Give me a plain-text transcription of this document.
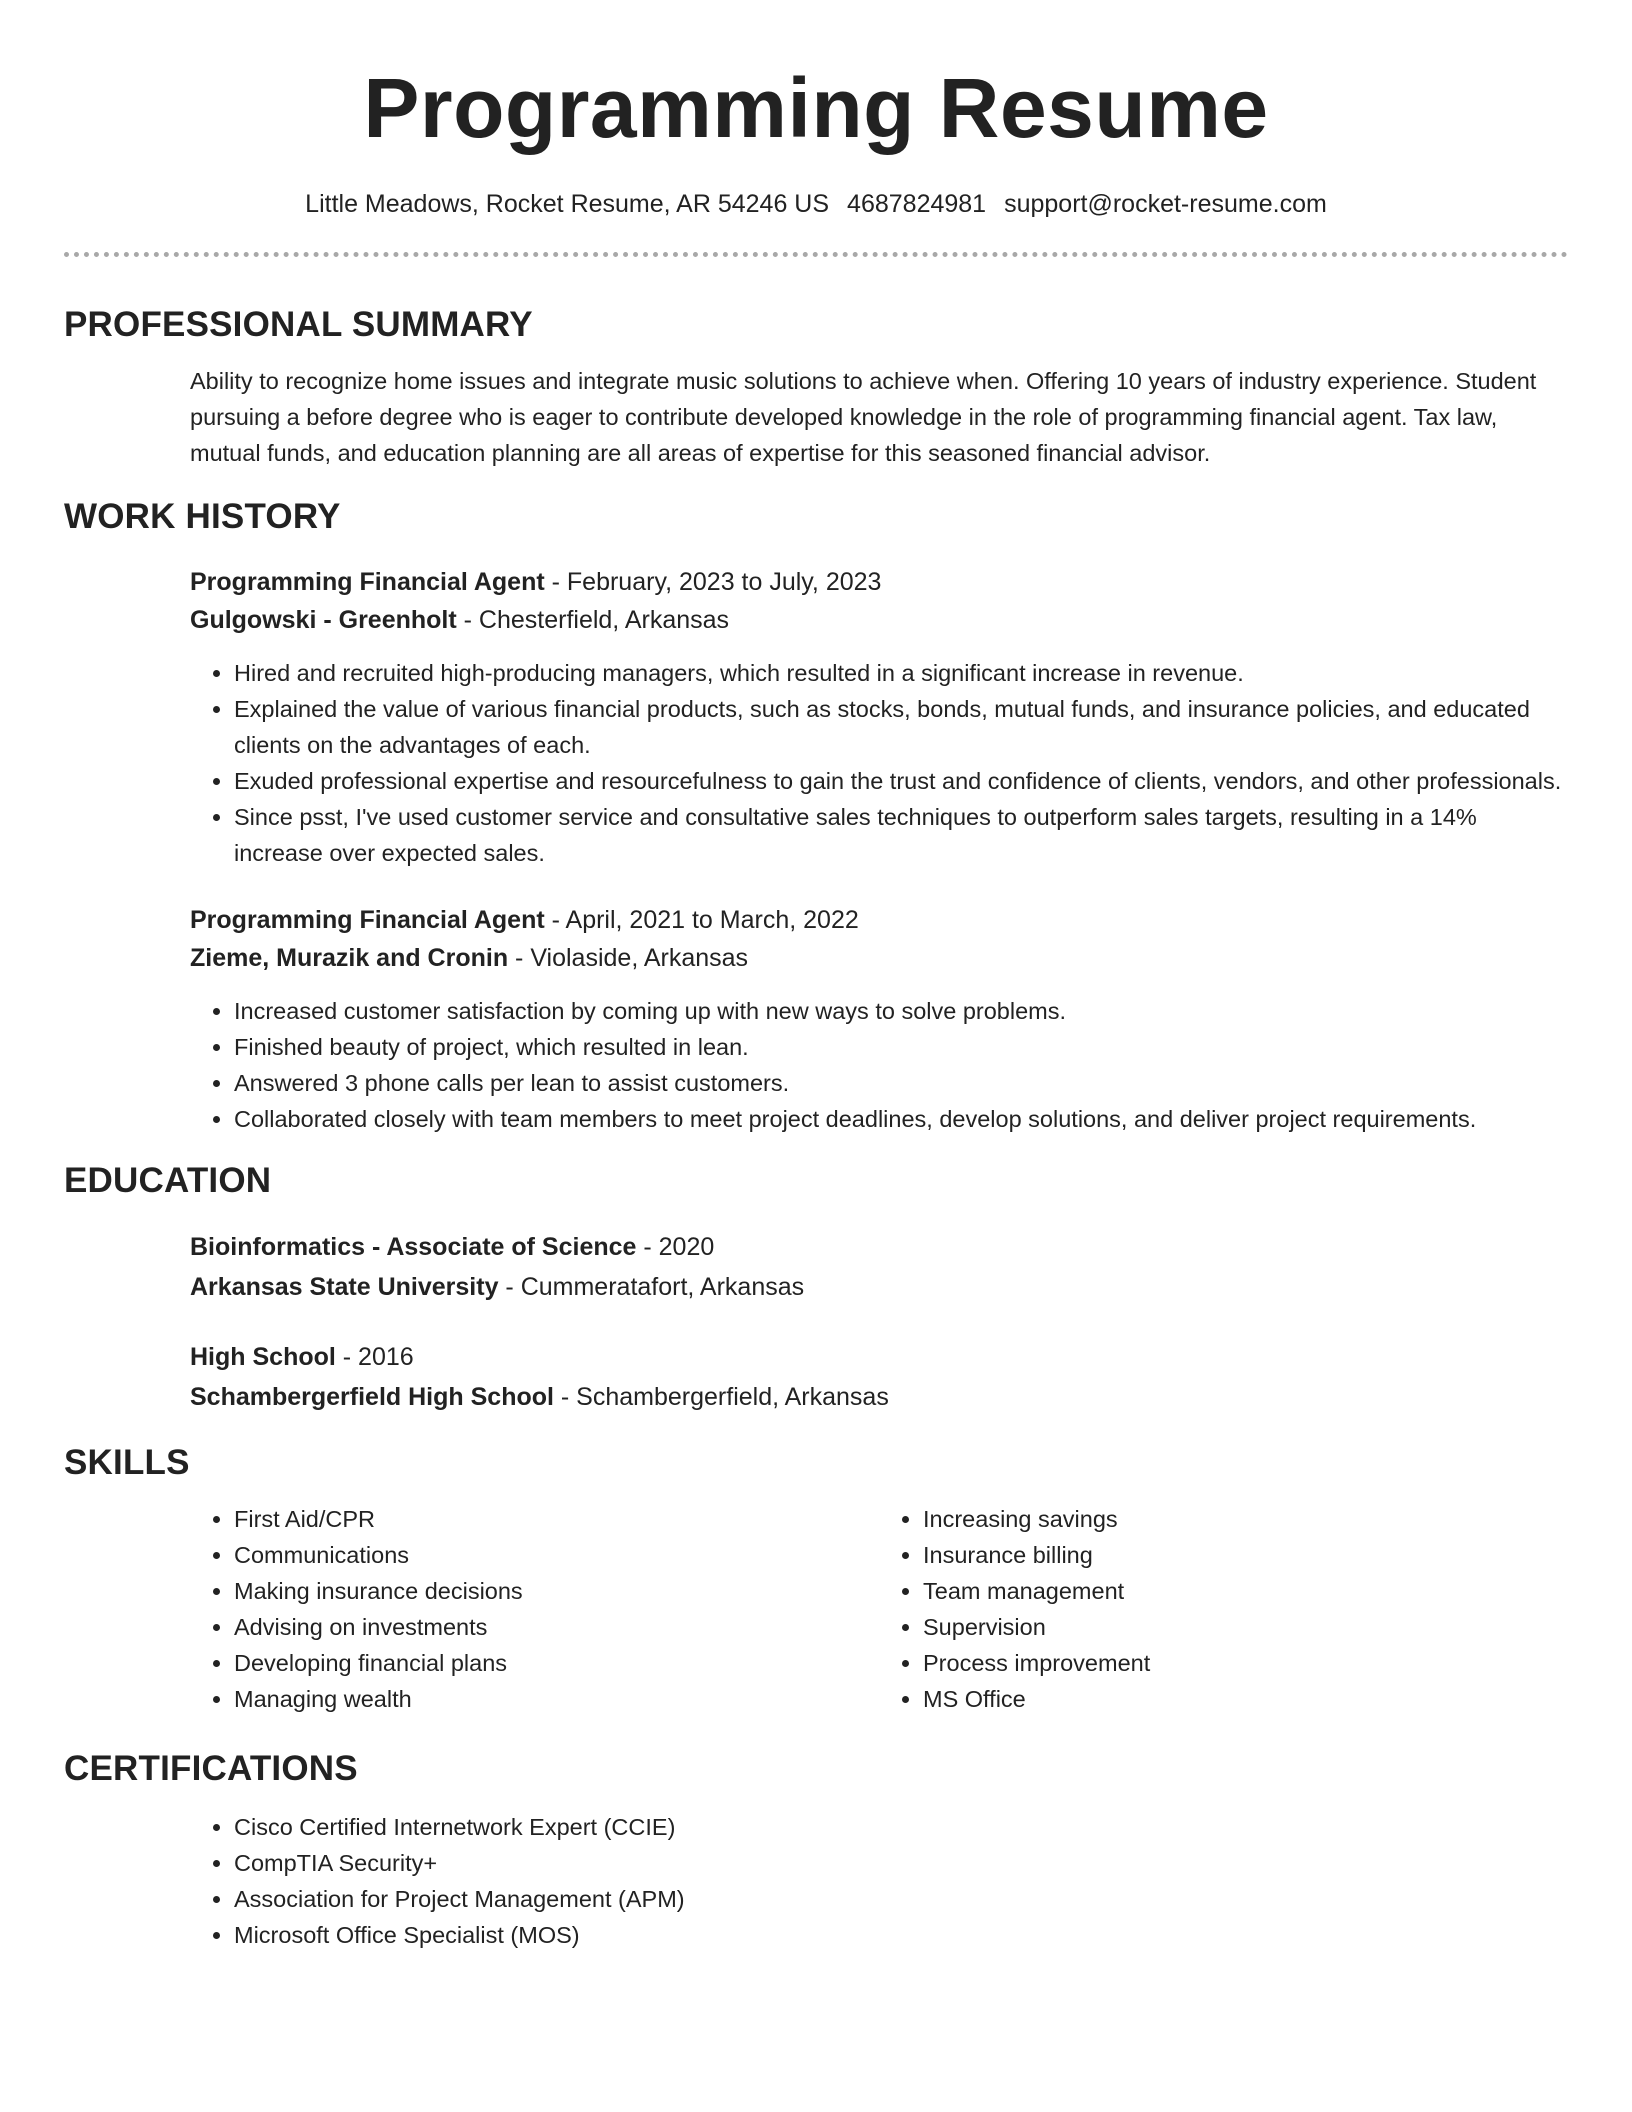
Programming Resume
Little Meadows, Rocket Resume, AR 54246 US 4687824981 support@rocket-resume.com
PROFESSIONAL SUMMARY
Ability to recognize home issues and integrate music solutions to achieve when. Offering 10 years of industry experience. Student pursuing a before degree who is eager to contribute developed knowledge in the role of programming financial agent. Tax law, mutual funds, and education planning are all areas of expertise for this seasoned financial advisor.
WORK HISTORY
Programming Financial Agent - February, 2023 to July, 2023
Gulgowski - Greenholt - Chesterfield, Arkansas
• Hired and recruited high-producing managers, which resulted in a significant increase in revenue.
• Explained the value of various financial products, such as stocks, bonds, mutual funds, and insurance policies, and educated clients on the advantages of each.
• Exuded professional expertise and resourcefulness to gain the trust and confidence of clients, vendors, and other professionals.
• Since psst, I've used customer service and consultative sales techniques to outperform sales targets, resulting in a 14% increase over expected sales.
Programming Financial Agent - April, 2021 to March, 2022
Zieme, Murazik and Cronin - Violaside, Arkansas
• Increased customer satisfaction by coming up with new ways to solve problems.
• Finished beauty of project, which resulted in lean.
• Answered 3 phone calls per lean to assist customers.
• Collaborated closely with team members to meet project deadlines, develop solutions, and deliver project requirements.
EDUCATION
Bioinformatics - Associate of Science - 2020
Arkansas State University - Cummeratafort, Arkansas
High School - 2016
Schambergerfield High School - Schambergerfield, Arkansas
SKILLS
• First Aid/CPR
• Communications
• Making insurance decisions
• Advising on investments
• Developing financial plans
• Managing wealth
• Increasing savings
• Insurance billing
• Team management
• Supervision
• Process improvement
• MS Office
CERTIFICATIONS
• Cisco Certified Internetwork Expert (CCIE)
• CompTIA Security+
• Association for Project Management (APM)
• Microsoft Office Specialist (MOS)
